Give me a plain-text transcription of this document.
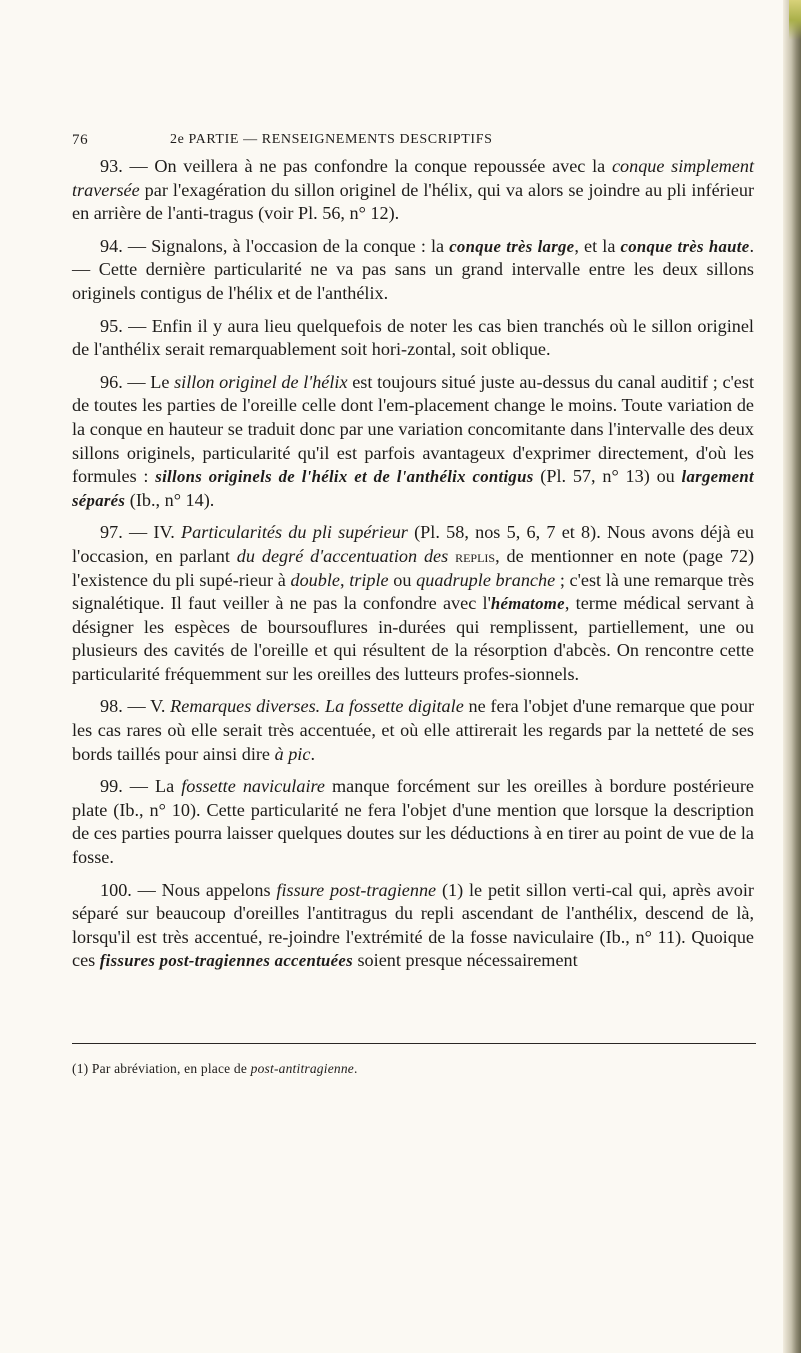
76	2e PARTIE — RENSEIGNEMENTS DESCRIPTIFS

93. — On veillera à ne pas confondre la conque repoussée avec la conque simplement traversée par l'exagération du sillon originel de l'hélix, qui va alors se joindre au pli inférieur en arrière de l'anti-tragus (voir Pl. 56, n° 12).

94. — Signalons, à l'occasion de la conque : la conque très large, et la conque très haute. — Cette dernière particularité ne va pas sans un grand intervalle entre les deux sillons originels contigus de l'hélix et de l'anthélix.

95. — Enfin il y aura lieu quelquefois de noter les cas bien tranchés où le sillon originel de l'anthélix serait remarquablement soit hori-zontal, soit oblique.

96. — Le sillon originel de l'hélix est toujours situé juste au-dessus du canal auditif ; c'est de toutes les parties de l'oreille celle dont l'em-placement change le moins. Toute variation de la conque en hauteur se traduit donc par une variation concomitante dans l'intervalle des deux sillons originels, particularité qu'il est parfois avantageux d'exprimer directement, d'où les formules : sillons originels de l'hélix et de l'anthélix contigus (Pl. 57, n° 13) ou largement séparés (Ib., n° 14).

97. — IV. Particularités du pli supérieur (Pl. 58, nos 5, 6, 7 et 8). Nous avons déjà eu l'occasion, en parlant du degré d'accentuation des replis, de mentionner en note (page 72) l'existence du pli supé-rieur à double, triple ou quadruple branche ; c'est là une remarque très signalétique. Il faut veiller à ne pas la confondre avec l'hématome, terme médical servant à désigner les espèces de boursouflures in-durées qui remplissent, partiellement, une ou plusieurs des cavités de l'oreille et qui résultent de la résorption d'abcès. On rencontre cette particularité fréquemment sur les oreilles des lutteurs profes-sionnels.

98. — V. Remarques diverses. La fossette digitale ne fera l'objet d'une remarque que pour les cas rares où elle serait très accentuée, et où elle attirerait les regards par la netteté de ses bords taillés pour ainsi dire à pic.

99. — La fossette naviculaire manque forcément sur les oreilles à bordure postérieure plate (Ib., n° 10). Cette particularité ne fera l'objet d'une mention que lorsque la description de ces parties pourra laisser quelques doutes sur les déductions à en tirer au point de vue de la fosse.

100. — Nous appelons fissure post-tragienne (1) le petit sillon verti-cal qui, après avoir séparé sur beaucoup d'oreilles l'antitragus du repli ascendant de l'anthélix, descend de là, lorsqu'il est très accentué, re-joindre l'extrémité de la fosse naviculaire (Ib., n° 11). Quoique ces fissures post-tragiennes accentuées soient presque nécessairement

(1) Par abréviation, en place de post-antitragienne.
